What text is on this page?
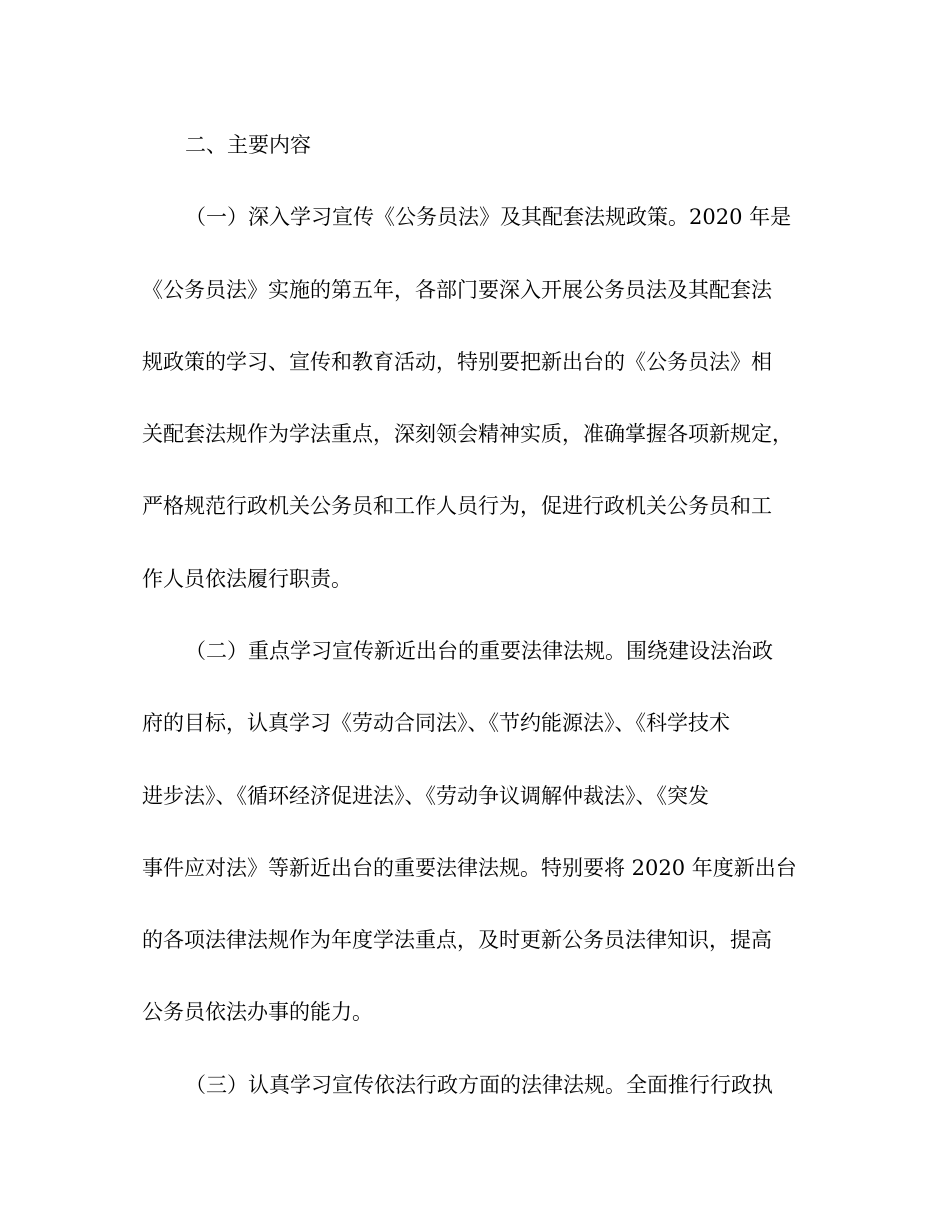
二、主要内容
（一）深入学习宣传《公务员法》及其配套法规政策。2020 年是
《公务员法》实施的第五年，各部门要深入开展公务员法及其配套法
规政策的学习、宣传和教育活动，特别要把新出台的《公务员法》相
关配套法规作为学法重点，深刻领会精神实质，准确掌握各项新规定，
严格规范行政机关公务员和工作人员行为，促进行政机关公务员和工
作人员依法履行职责。
（二）重点学习宣传新近出台的重要法律法规。围绕建设法治政
府的目标，认真学习《劳动合同法》、《节约能源法》、《科学技术
进步法》、《循环经济促进法》、《劳动争议调解仲裁法》、《突发
事件应对法》等新近出台的重要法律法规。特别要将 2020 年度新出台
的各项法律法规作为年度学法重点，及时更新公务员法律知识，提高
公务员依法办事的能力。
（三）认真学习宣传依法行政方面的法律法规。全面推行行政执
